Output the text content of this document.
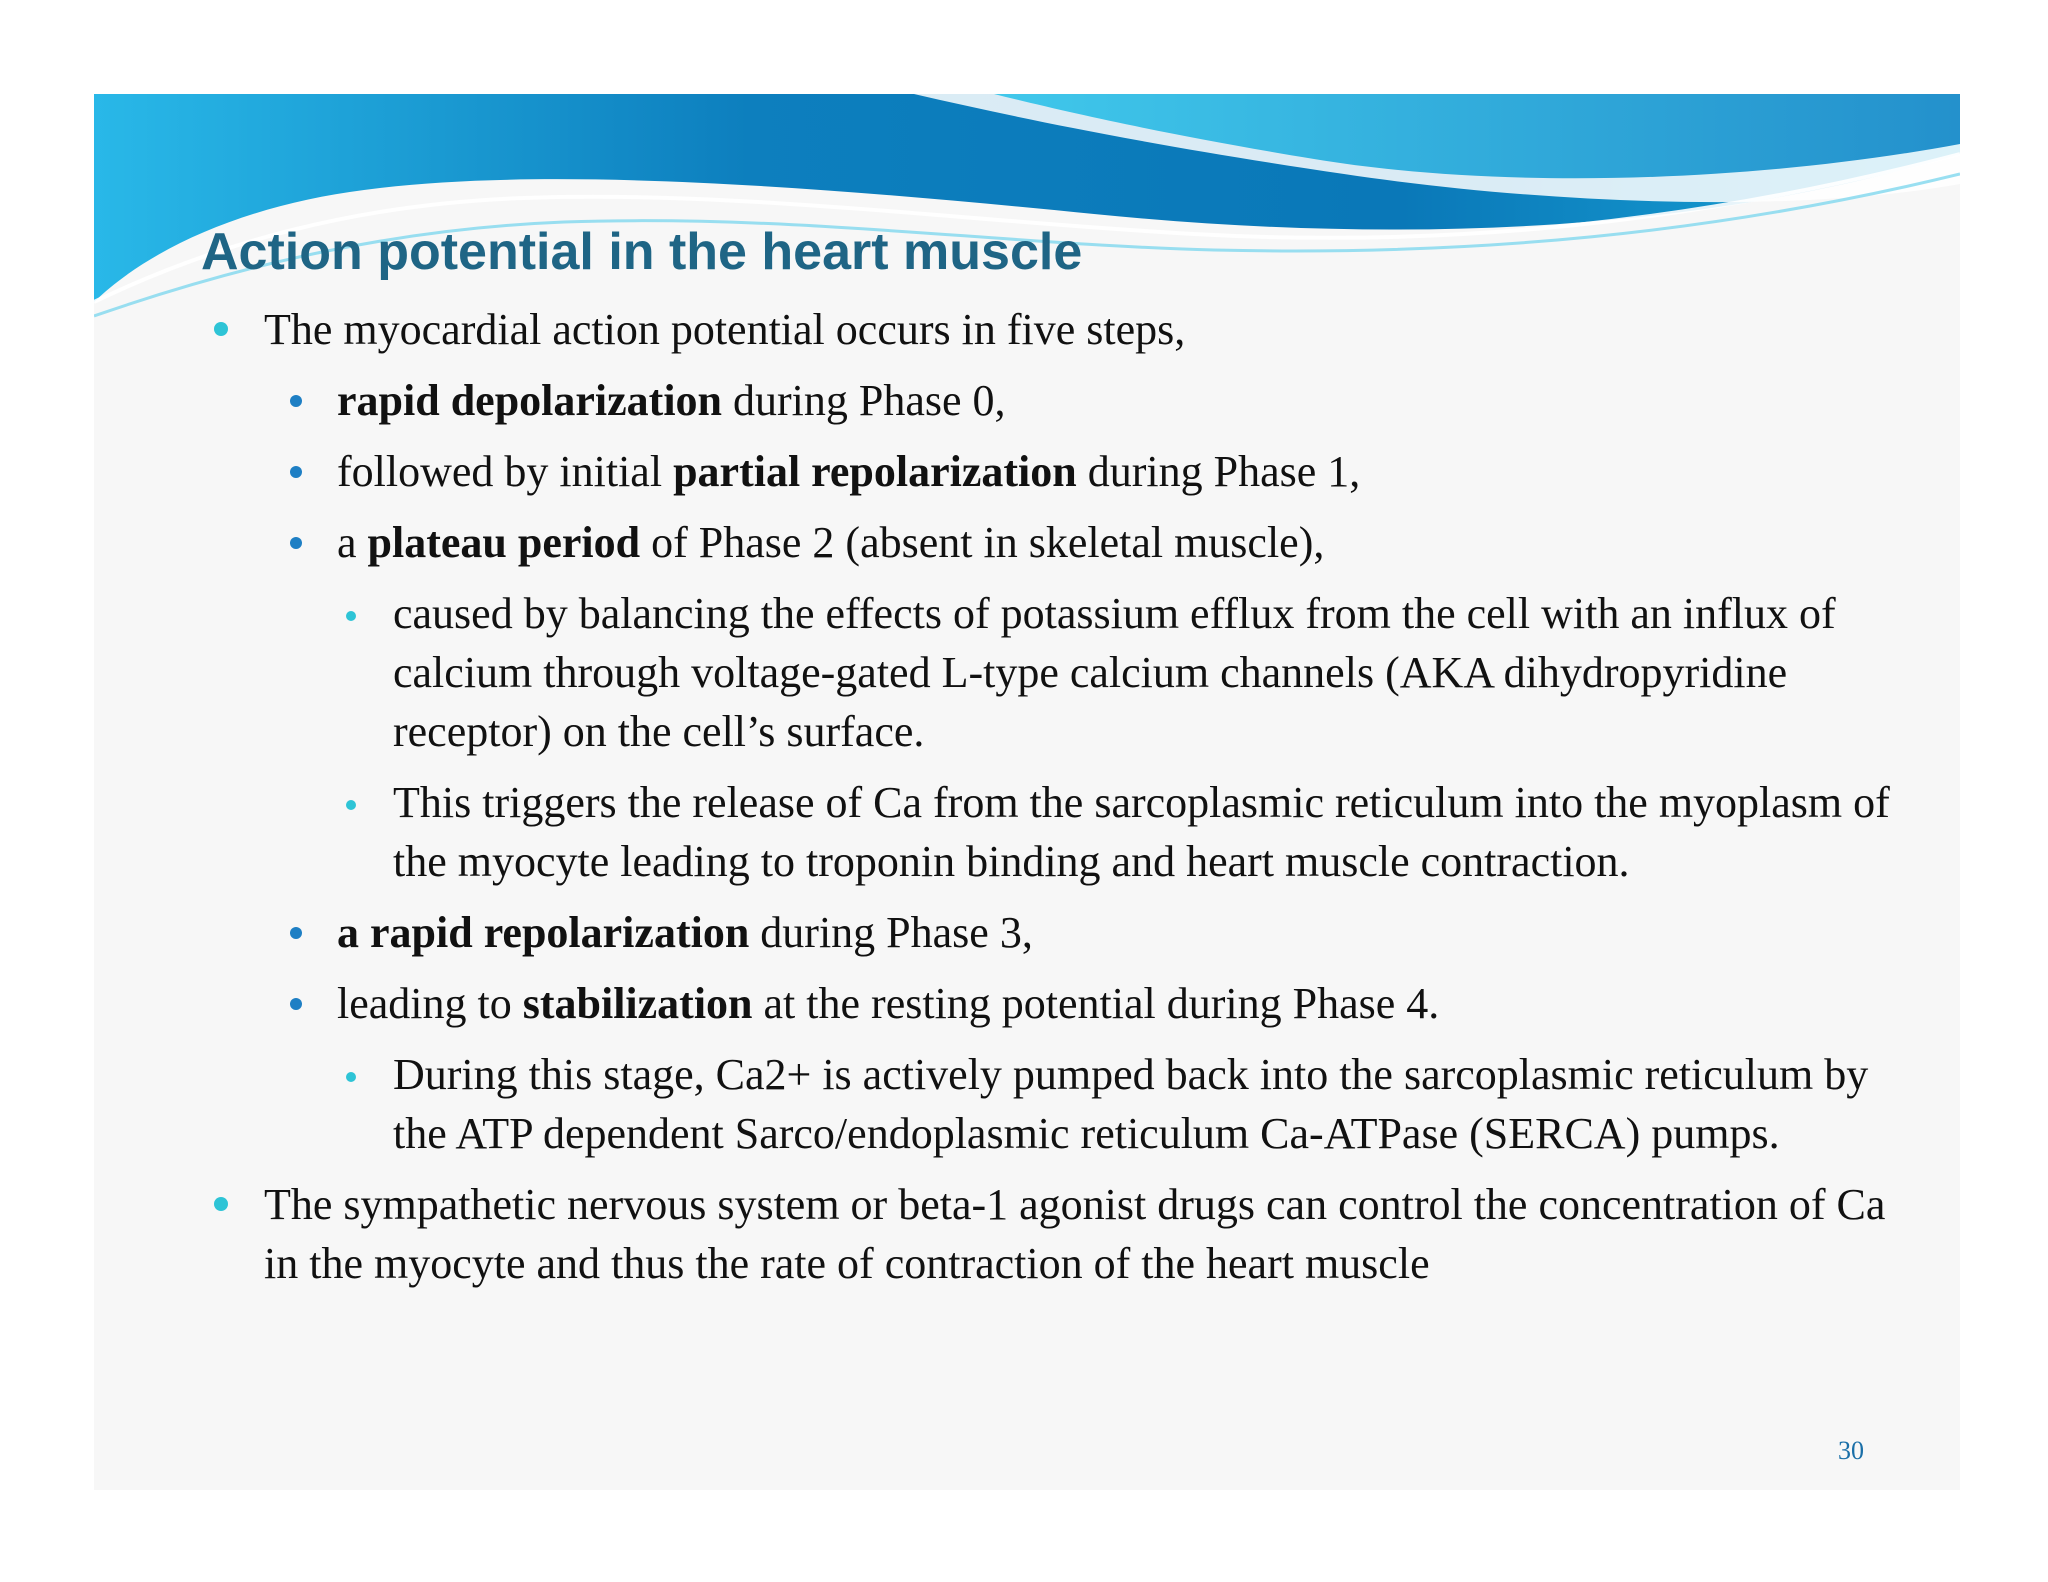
Action potential in the heart muscle
The myocardial action potential occurs in five steps,
rapid depolarization during Phase 0,
followed by initial partial repolarization during Phase 1,
a plateau period of Phase 2 (absent in skeletal muscle),
caused by balancing the effects of potassium efflux from the cell with an influx of calcium through voltage-gated L-type calcium channels (AKA dihydropyridine receptor) on the cell’s surface.
This triggers the release of Ca from the sarcoplasmic reticulum into the myoplasm of the myocyte leading to troponin binding and heart muscle contraction.
a rapid repolarization during Phase 3,
leading to stabilization at the resting potential during Phase 4.
During this stage, Ca2+ is actively pumped back into the sarcoplasmic reticulum by the ATP dependent Sarco/endoplasmic reticulum Ca-ATPase (SERCA) pumps.
The sympathetic nervous system or beta-1 agonist drugs can control the concentration of Ca in the myocyte and thus the rate of contraction of the heart muscle
30
